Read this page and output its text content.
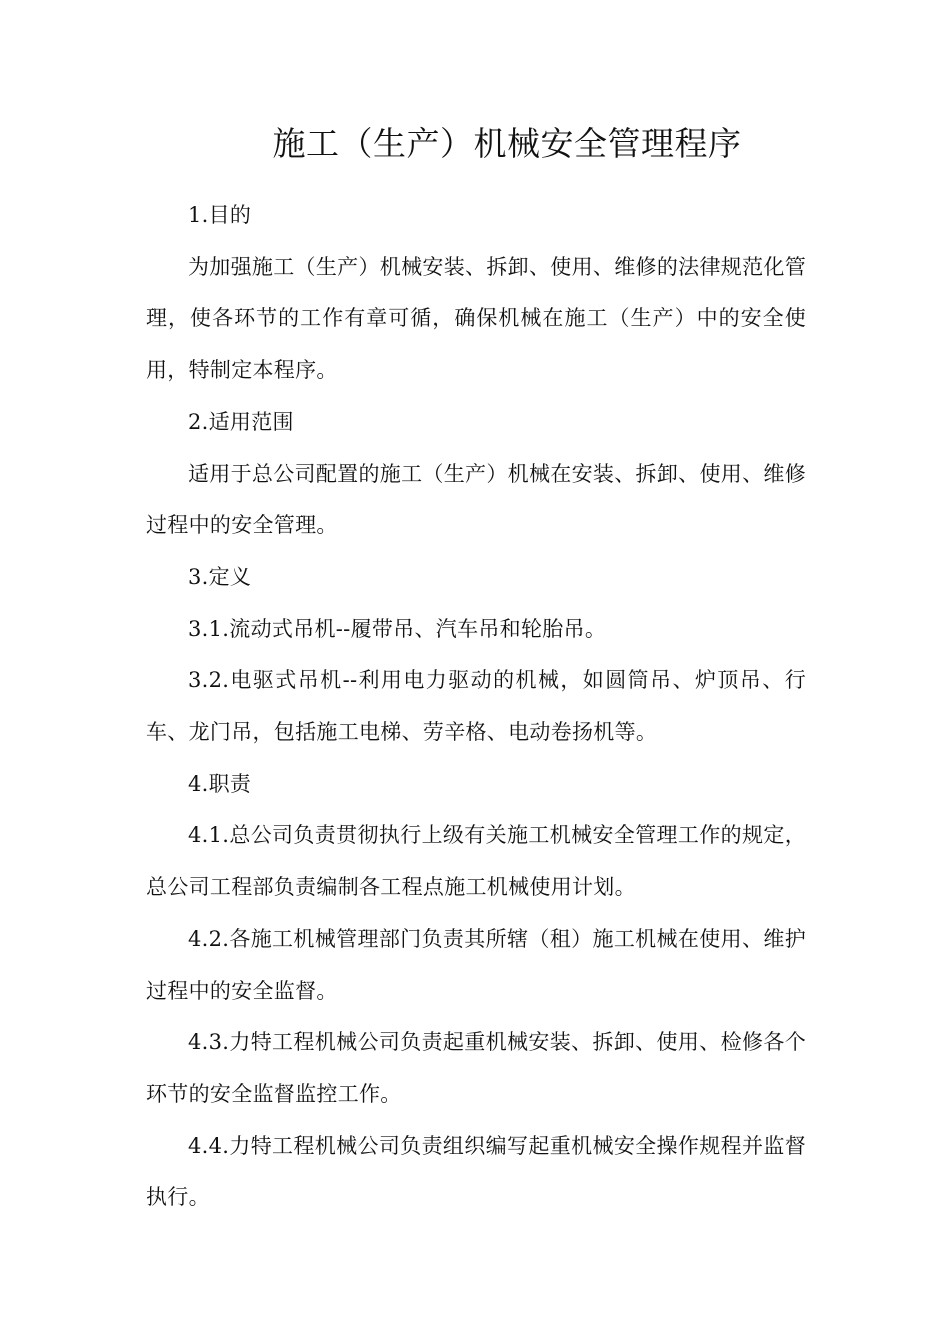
施工（生产）机械安全管理程序

1.目的

为加强施工（生产）机械安装、拆卸、使用、维修的法律规范化管理，使各环节的工作有章可循，确保机械在施工（生产）中的安全使用，特制定本程序。

2.适用范围

适用于总公司配置的施工（生产）机械在安装、拆卸、使用、维修过程中的安全管理。

3.定义

3.1.流动式吊机--履带吊、汽车吊和轮胎吊。

3.2.电驱式吊机--利用电力驱动的机械，如圆筒吊、炉顶吊、行车、龙门吊，包括施工电梯、劳辛格、电动卷扬机等。

4.职责

4.1.总公司负责贯彻执行上级有关施工机械安全管理工作的规定，总公司工程部负责编制各工程点施工机械使用计划。

4.2.各施工机械管理部门负责其所辖（租）施工机械在使用、维护过程中的安全监督。

4.3.力特工程机械公司负责起重机械安装、拆卸、使用、检修各个环节的安全监督监控工作。

4.4.力特工程机械公司负责组织编写起重机械安全操作规程并监督执行。
